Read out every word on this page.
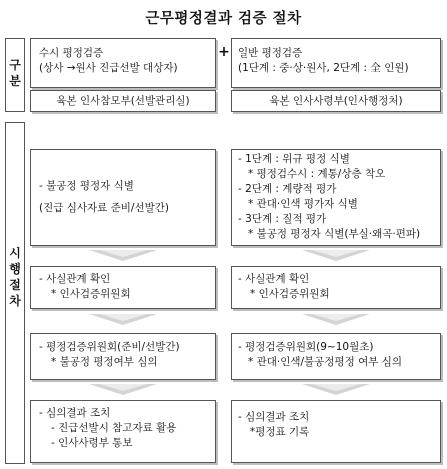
근무평정결과 검증 절차
구
분
수시 평정검증
(상사 →원사 진급선발 대상자)
육본 인사참모부(선발관리실)
+ 일반 평정검증
(1단계 : 중·상·원사, 2단계 : 全 인원)
육본 인사사령부(인사행정처)
시
행
절
차
- 불공정 평정자 식별
(진급 심사자료 준비/선발간)
- 사실관계 확인
* 인사검증위원회
- 평정검증위원회(준비/선발간)
* 불공정 평정여부 심의
- 심의결과 조치
- 진급선발시 참고자료 활용
- 인사사령부 통보
- 1단계 : 위규 평정 식별
* 평정검수시 : 계통/상층 착오
- 2단계 : 계량적 평가
* 관대·인색 평가자 식별
- 3단계 : 질적 평가
* 불공정 평정자 식별(부실·왜곡·편파)
- 사실관계 확인
* 인사검증위원회
- 평정검증위원회(9~10월초)
* 관대·인색/불공정평정 여부 심의
- 심의결과 조치
*평정표 기록
